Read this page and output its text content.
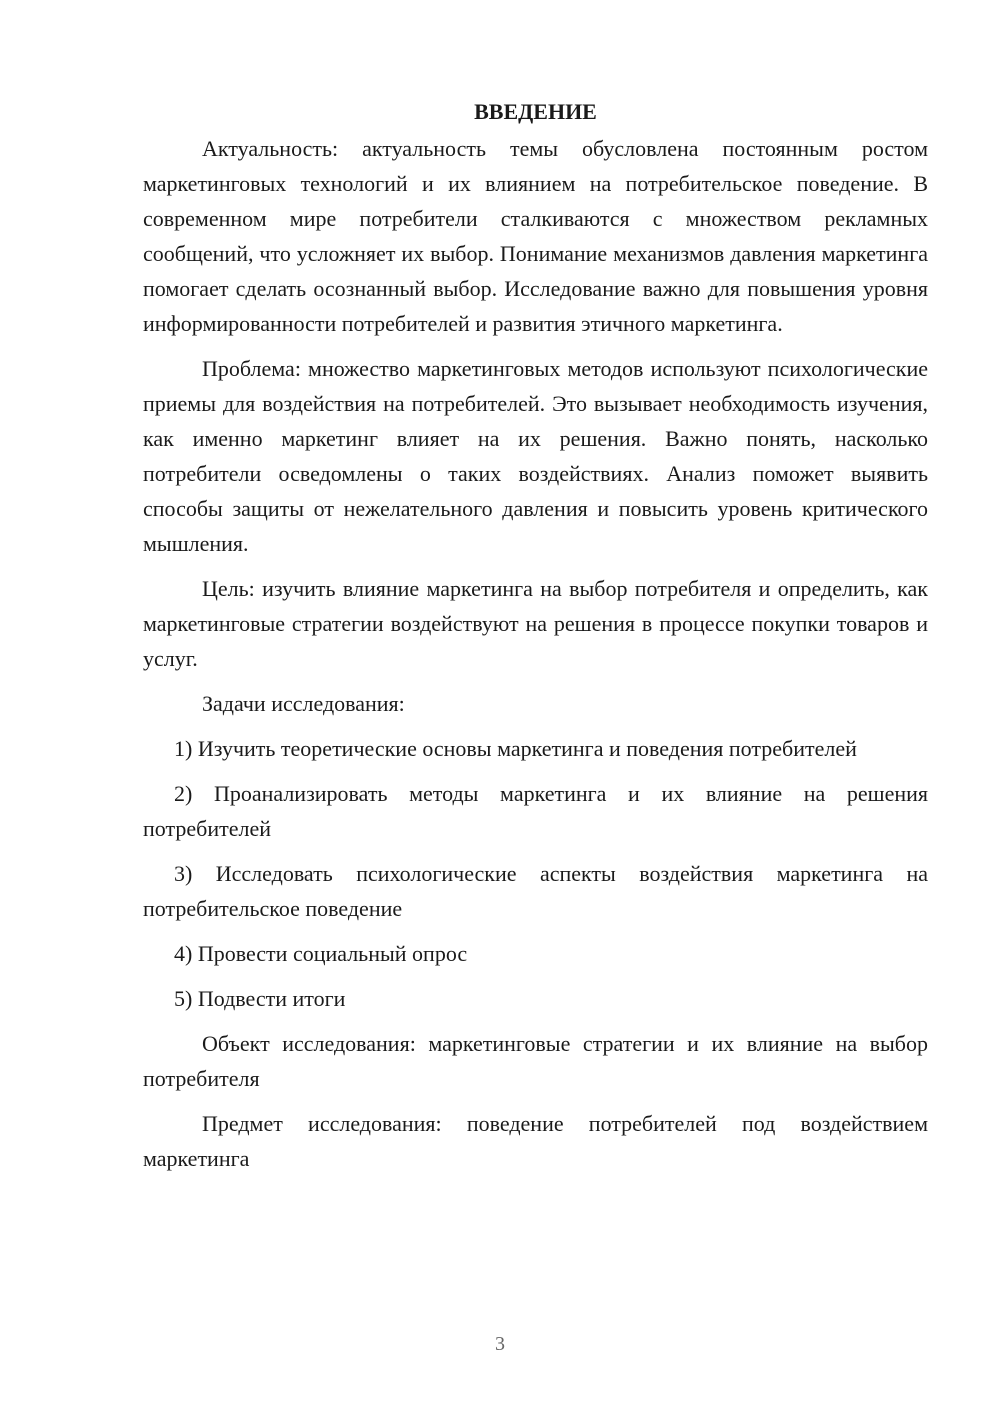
ВВЕДЕНИЕ

Актуальность: актуальность темы обусловлена постоянным ростом маркетинговых технологий и их влиянием на потребительское поведение. В современном мире потребители сталкиваются с множеством рекламных сообщений, что усложняет их выбор. Понимание механизмов давления маркетинга помогает сделать осознанный выбор. Исследование важно для повышения уровня информированности потребителей и развития этичного маркетинга.

Проблема: множество маркетинговых методов используют психологические приемы для воздействия на потребителей. Это вызывает необходимость изучения, как именно маркетинг влияет на их решения. Важно понять, насколько потребители осведомлены о таких воздействиях. Анализ поможет выявить способы защиты от нежелательного давления и повысить уровень критического мышления.

Цель: изучить влияние маркетинга на выбор потребителя и определить, как маркетинговые стратегии воздействуют на решения в процессе покупки товаров и услуг.

Задачи исследования:

1) Изучить теоретические основы маркетинга и поведения потребителей

2) Проанализировать методы маркетинга и их влияние на решения потребителей

3) Исследовать психологические аспекты воздействия маркетинга на потребительское поведение

4) Провести социальный опрос

5) Подвести итоги

Объект исследования: маркетинговые стратегии и их влияние на выбор потребителя

Предмет исследования: поведение потребителей под воздействием маркетинга

3
